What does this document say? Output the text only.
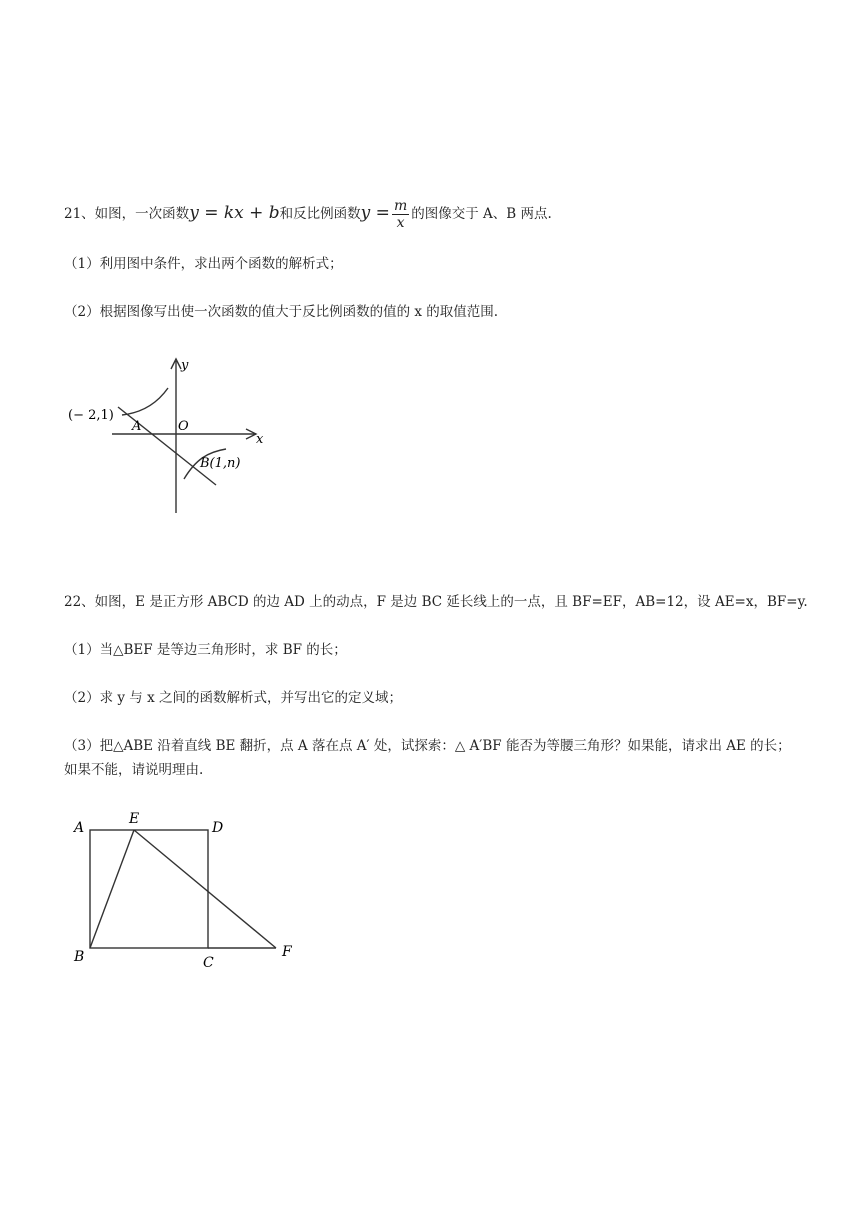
21、如图，一次函数y = kx + b和反比例函数$y = \frac{m}{x}$ 的图像交于 A、B 两点.
（1）利用图中条件，求出两个函数的解析式；
（2）根据图像写出使一次函数的值大于反比例函数的值的 x 的取值范围.
(− 2,1)
A	O
x
y
B(1,n)
22、如图，E 是正方形 ABCD 的边 AD 上的动点，F 是边 BC 延长线上的一点，且 BF=EF，AB=12，设 AE=x，BF=y.
（1）当△BEF 是等边三角形时，求 BF 的长；
（2）求 y 与 x 之间的函数解析式，并写出它的定义域；
（3）把△ABE 沿着直线 BE 翻折，点 A 落在点 A′ 处，试探索：△ A′BF 能否为等腰三角形？如果能，请求出 AE 的长；
如果不能，请说明理由.
A
E
D
B	C
F
